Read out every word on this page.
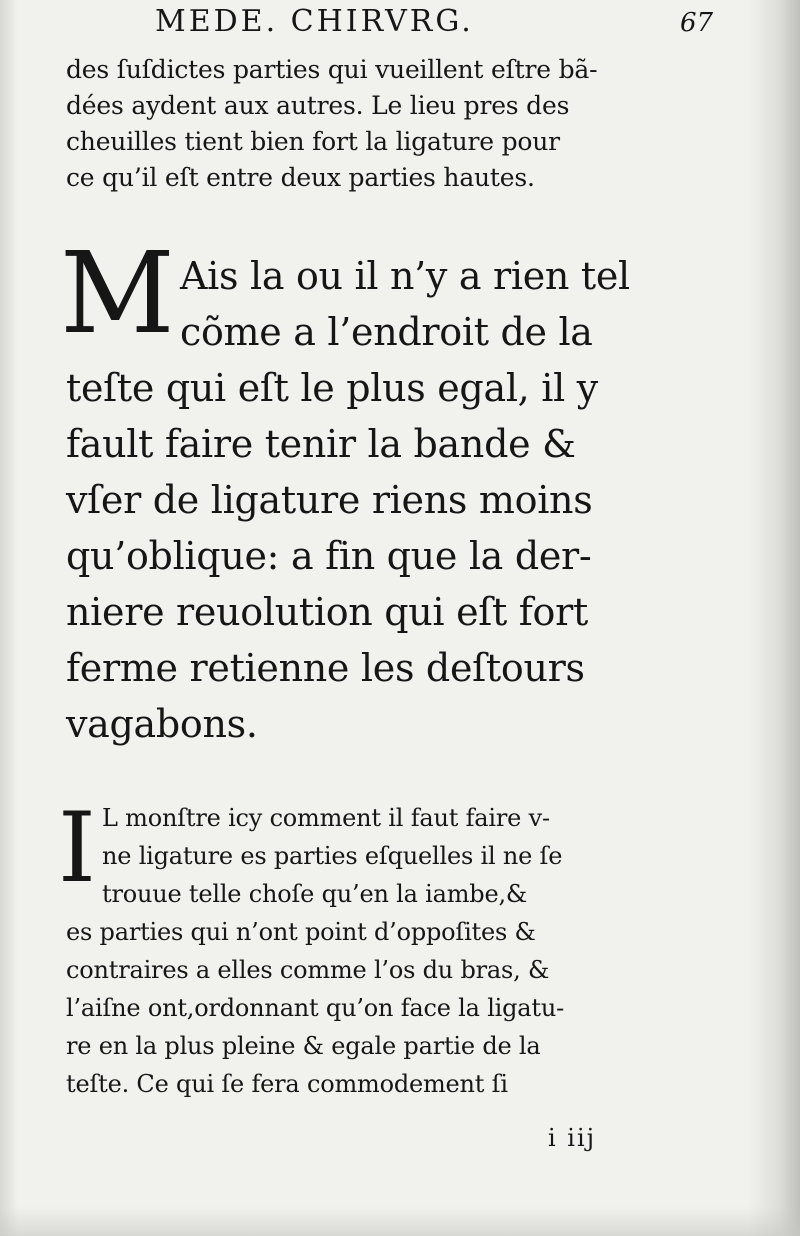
MEDE. CHIRVRG.	67
des ſuſdictes parties qui vueillent eſtre bã-
dées aydent aux autres. Le lieu pres des
cheuilles tient bien fort la ligature pour
ce qu’il eſt entre deux parties hautes.
M Ais la ou il n’y a rien tel
cõme a l’endroit de la
teſte qui eſt le plus egal, il y
fault faire tenir la bande &
vſer de ligature riens moins
qu’oblique: a fin que la der-
niere reuolution qui eſt fort
ferme retienne les deſtours
vagabons.
I L monſtre icy comment il faut faire v-
ne ligature es parties eſquelles il ne ſe
trouue telle choſe qu’en la iambe,&
es parties qui n’ont point d’oppoſites &
contraires a elles comme l’os du bras, &
l’aiſne ont,ordonnant qu’on face la ligatu-
re en la plus pleine & egale partie de la
teſte. Ce qui ſe fera commodement ſi
i iij
